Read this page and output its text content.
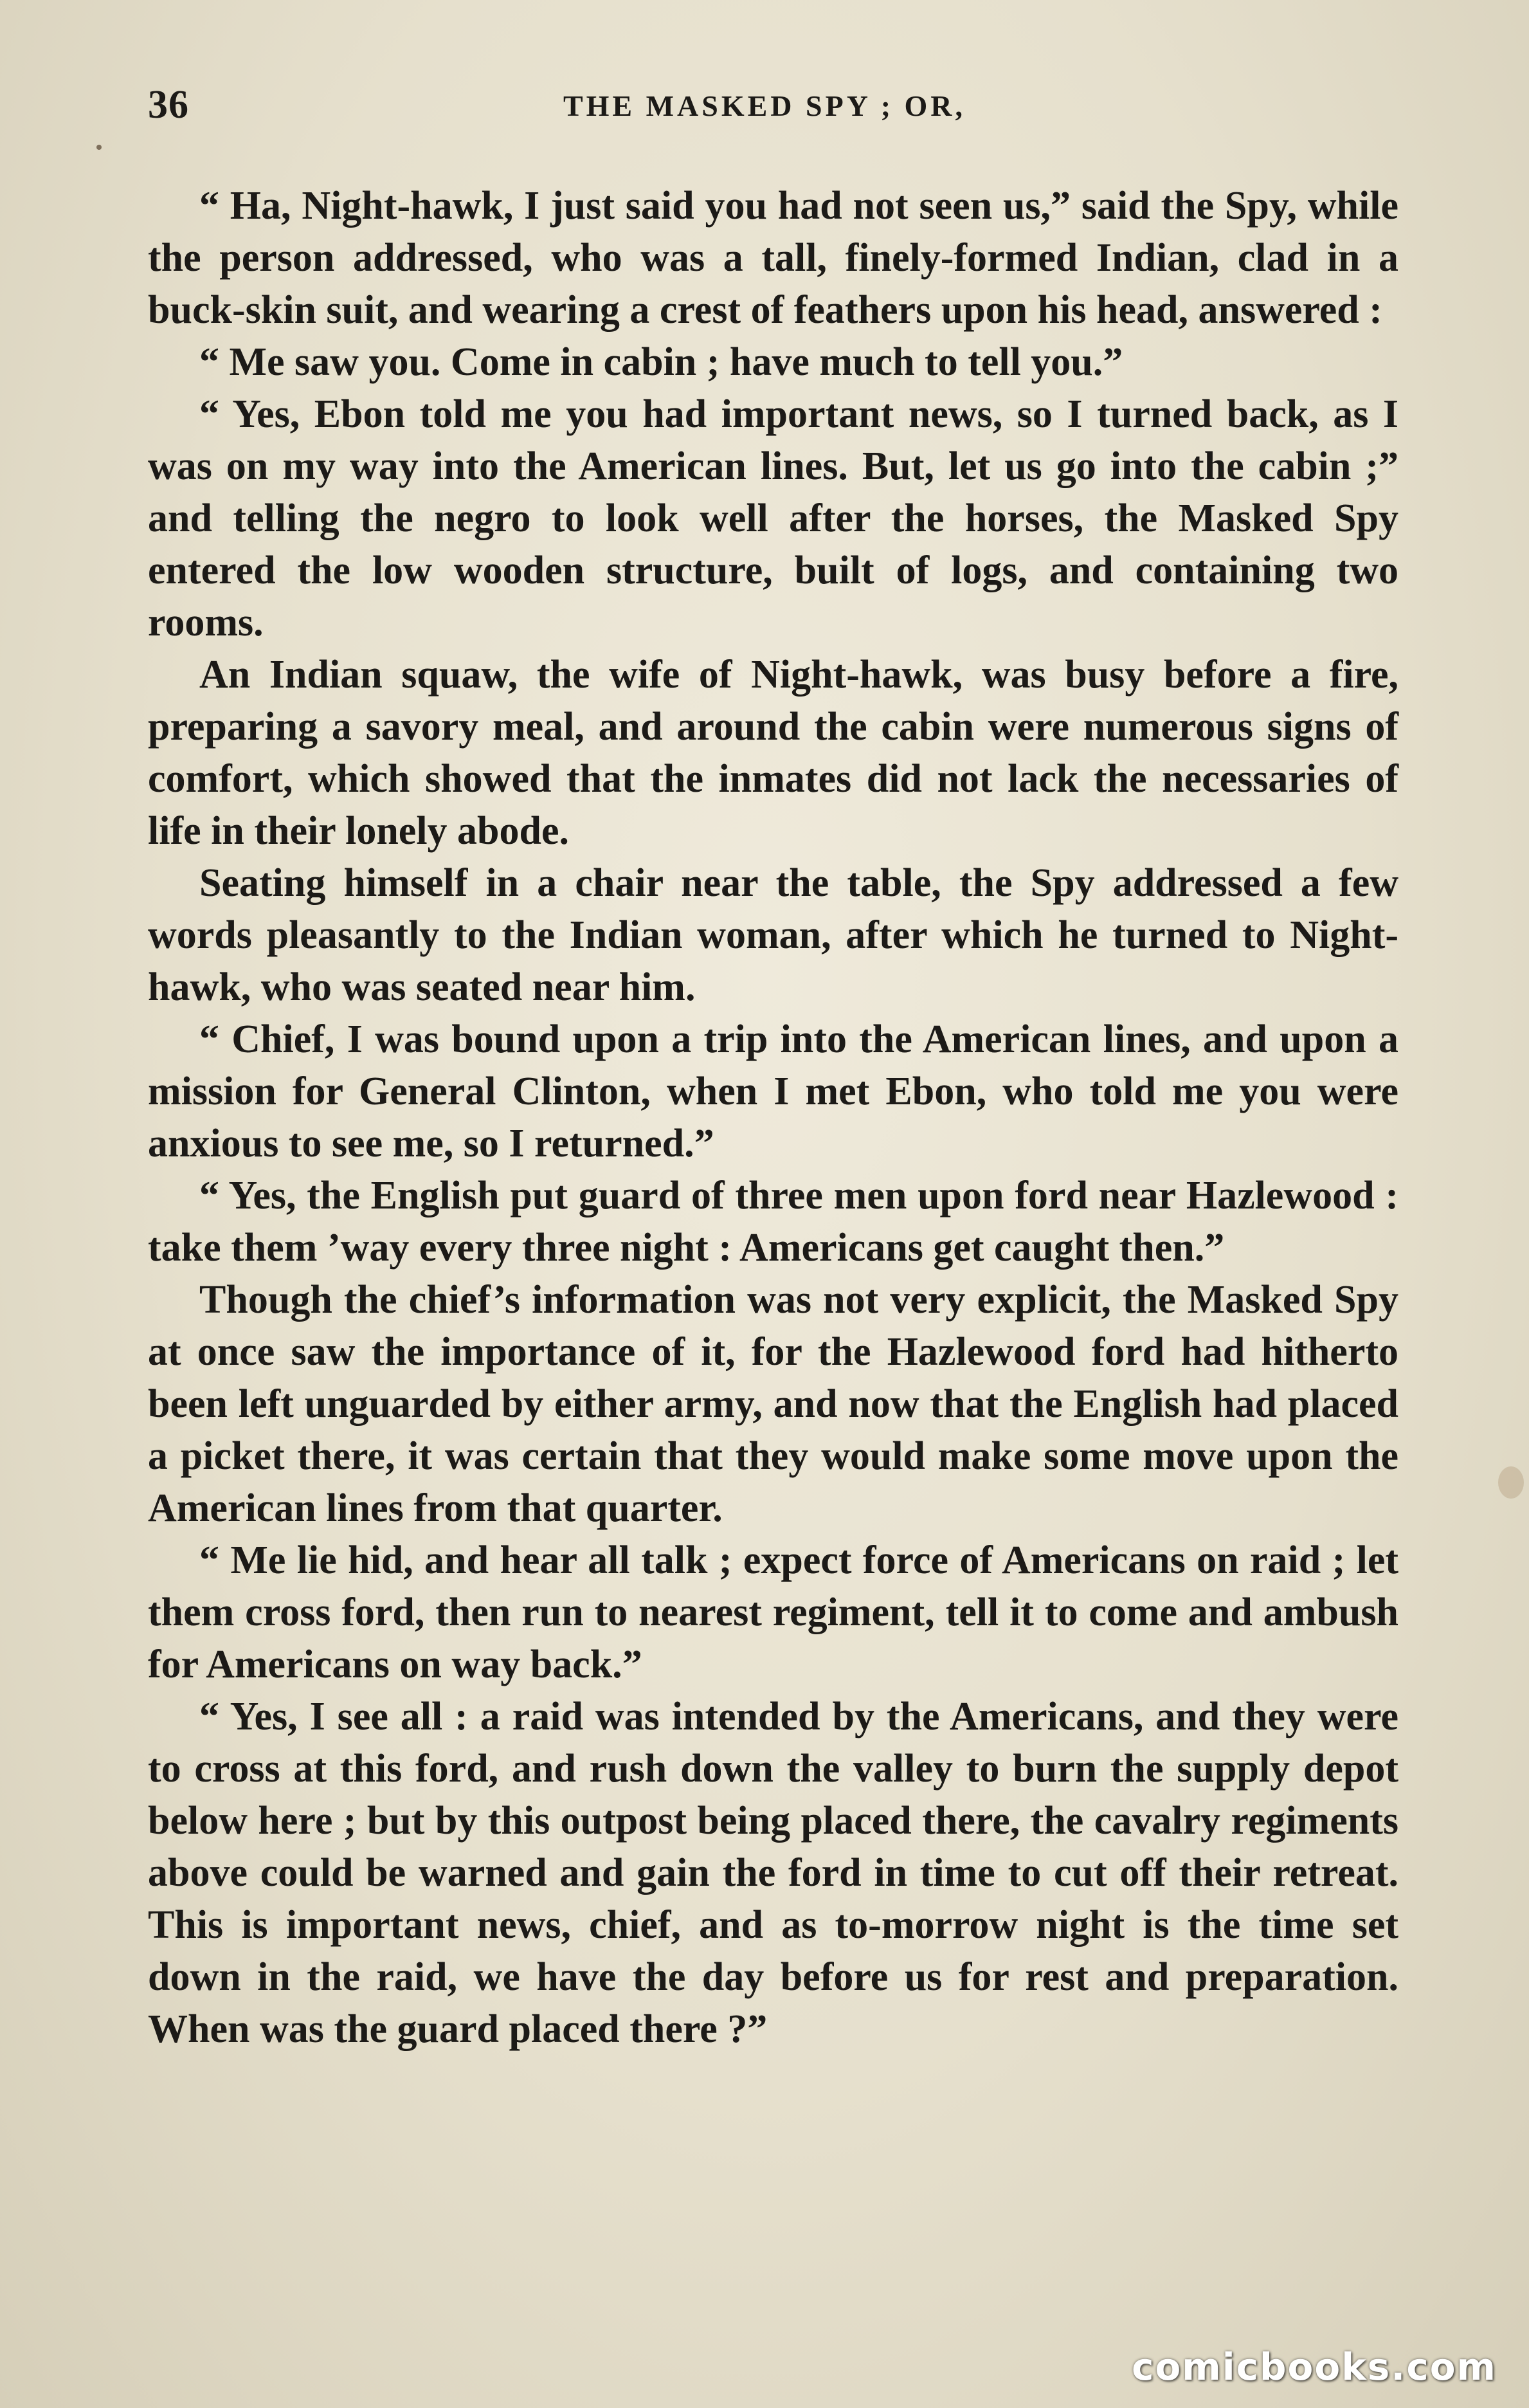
36	THE MASKED SPY ; OR,

“ Ha, Night-hawk, I just said you had not seen us,” said the Spy, while the person addressed, who was a tall, finely-formed Indian, clad in a buck-skin suit, and wearing a crest of feathers upon his head, answered :

“ Me saw you. Come in cabin ; have much to tell you.”

“ Yes, Ebon told me you had important news, so I turned back, as I was on my way into the American lines. But, let us go into the cabin ;” and telling the negro to look well after the horses, the Masked Spy entered the low wooden structure, built of logs, and containing two rooms.

An Indian squaw, the wife of Night-hawk, was busy before a fire, preparing a savory meal, and around the cabin were numerous signs of comfort, which showed that the inmates did not lack the necessaries of life in their lonely abode.

Seating himself in a chair near the table, the Spy addressed a few words pleasantly to the Indian woman, after which he turned to Night-hawk, who was seated near him.

“ Chief, I was bound upon a trip into the American lines, and upon a mission for General Clinton, when I met Ebon, who told me you were anxious to see me, so I returned.”

“ Yes, the English put guard of three men upon ford near Hazlewood : take them ’way every three night : Americans get caught then.”

Though the chief’s information was not very explicit, the Masked Spy at once saw the importance of it, for the Hazlewood ford had hitherto been left unguarded by either army, and now that the English had placed a picket there, it was certain that they would make some move upon the American lines from that quarter.

“ Me lie hid, and hear all talk ; expect force of Americans on raid ; let them cross ford, then run to nearest regiment, tell it to come and ambush for Americans on way back.”

“ Yes, I see all : a raid was intended by the Americans, and they were to cross at this ford, and rush down the valley to burn the supply depot below here ; but by this outpost being placed there, the cavalry regiments above could be warned and gain the ford in time to cut off their retreat. This is important news, chief, and as to-morrow night is the time set down in the raid, we have the day before us for rest and preparation. When was the guard placed there ?”

comicbooks.com
